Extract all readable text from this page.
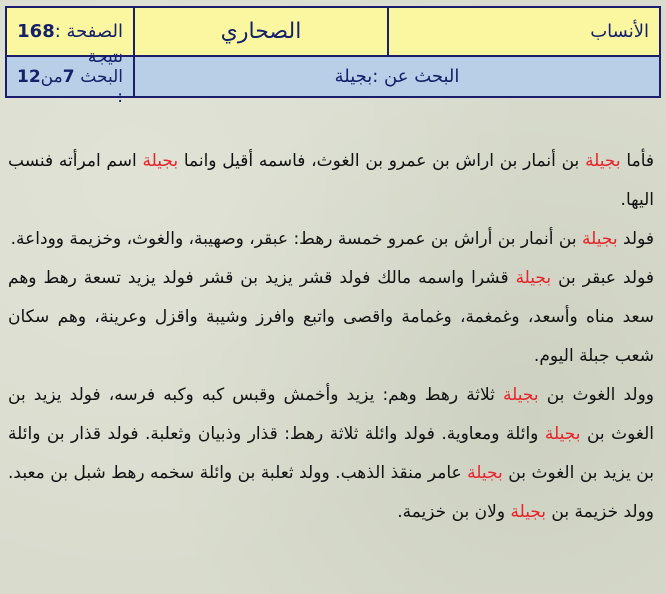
الأنساب
الصحاري
الصفحة :
168
البحث عن :
بجيلة
نتيجة البحث :
7
من
12

فأما بجيلة بن أنمار بن اراش بن عمرو بن الغوث، فاسمه أقيل وانما بجيلة اسم امرأته فنسب اليها.

فولد بجيلة بن أنمار بن أراش بن عمرو خمسة رهط: عبقر، وصهيبة، والغوث، وخزيمة ووداعة.

فولد عبقر بن بجيلة قشرا واسمه مالك فولد قشر يزيد بن قشر فولد يزيد تسعة رهط وهم سعد مناه وأسعد، وغمغمة، وغمامة واقصى واتبع وافرز وشيبة واقزل وعرينة، وهم سكان شعب جبلة اليوم.

وولد الغوث بن بجيلة ثلاثة رهط وهم: يزيد وأخمش وقبس كبه وكبه فرسه، فولد يزيد بن الغوث بن بجيلة وائلة ومعاوية. فولد وائلة ثلاثة رهط: قذار وذبيان وثعلبة. فولد قذار بن وائلة بن يزيد بن الغوث بن بجيلة عامر منقذ الذهب. وولد ثعلبة بن وائلة سخمه رهط شبل بن معبد. وولد خزيمة بن بجيلة ولان بن خزيمة.
